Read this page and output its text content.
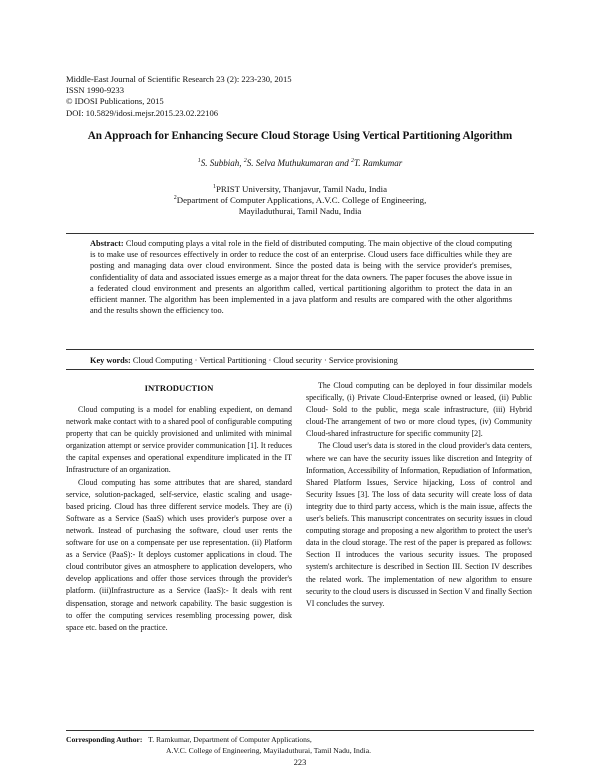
Middle-East Journal of Scientific Research 23 (2): 223-230, 2015
ISSN 1990-9233
© IDOSI Publications, 2015
DOI: 10.5829/idosi.mejsr.2015.23.02.22106
An Approach for Enhancing Secure Cloud Storage Using Vertical Partitioning Algorithm
$^1$S. Subbiah, $^2$S. Selva Muthukumaran and $^2$T. Ramkumar
$^1$PRIST University, Thanjavur, Tamil Nadu, India
$^2$Department of Computer Applications, A.V.C. College of Engineering,
Mayiladuthurai, Tamil Nadu, India
Abstract: Cloud computing plays a vital role in the field of distributed computing. The main objective of the cloud computing is to make use of resources effectively in order to reduce the cost of an enterprise. Cloud users face difficulties while they are posting and managing data over cloud environment. Since the posted data is being with the service provider's premises, confidentiality of data and associated issues emerge as a major threat for the data owners. The paper focuses the above issue in a federated cloud environment and presents an algorithm called, vertical partitioning algorithm to protect the data in an efficient manner. The algorithm has been implemented in a java platform and results are compared with the other algorithms and the results shown the efficiency too.
Key words: Cloud Computing · Vertical Partitioning · Cloud security · Service provisioning
INTRODUCTION

Cloud computing is a model for enabling expedient, on demand network make contact with to a shared pool of configurable computing property that can be quickly provisioned and unlimited with minimal organization attempt or service provider communication [1]. It reduces the capital expenses and operational expenditure implicated in the IT Infrastructure of an organization.

Cloud computing has some attributes that are shared, standard service, solution-packaged, self-service, elastic scaling and usage-based pricing. Cloud has three different service models. They are (i) Software as a Service (SaaS) which uses provider's purpose over a network. Instead of purchasing the software, cloud user rents the software for use on a compensate per use representation. (ii) Platform as a Service (PaaS):- It deploys customer applications in cloud. The cloud contributor gives an atmosphere to application developers, who develop applications and offer those services through the provider's platform. (iii)Infrastructure as a Service (IaaS):- It deals with rent dispensation, storage and network capability. The basic suggestion is to offer the computing services resembling processing power, disk space etc. based on the practice.

The Cloud computing can be deployed in four dissimilar models specifically, (i) Private Cloud-Enterprise owned or leased, (ii) Public Cloud- Sold to the public, mega scale infrastructure, (iii) Hybrid cloud-The arrangement of two or more cloud types, (iv) Community Cloud-shared infrastructure for specific community [2].

The Cloud user's data is stored in the cloud provider's data centers, where we can have the security issues like discretion and Integrity of Information, Accessibility of Information, Repudiation of Information, Shared Platform Issues, Service hijacking, Loss of control and Security Issues [3]. The loss of data security will create loss of data integrity due to third party access, which is the main issue, affects the user's beliefs. This manuscript concentrates on security issues in cloud computing storage and proposing a new algorithm to protect the user's data in the cloud storage. The rest of the paper is prepared as follows: Section II introduces the various security issues. The proposed system's architecture is described in Section III. Section IV describes the related work. The implementation of new algorithm to ensure security to the cloud users is discussed in Section V and finally Section VI concludes the survey.

Corresponding Author: T. Ramkumar, Department of Computer Applications,
A.V.C. College of Engineering, Mayiladuthurai, Tamil Nadu, India.
223
